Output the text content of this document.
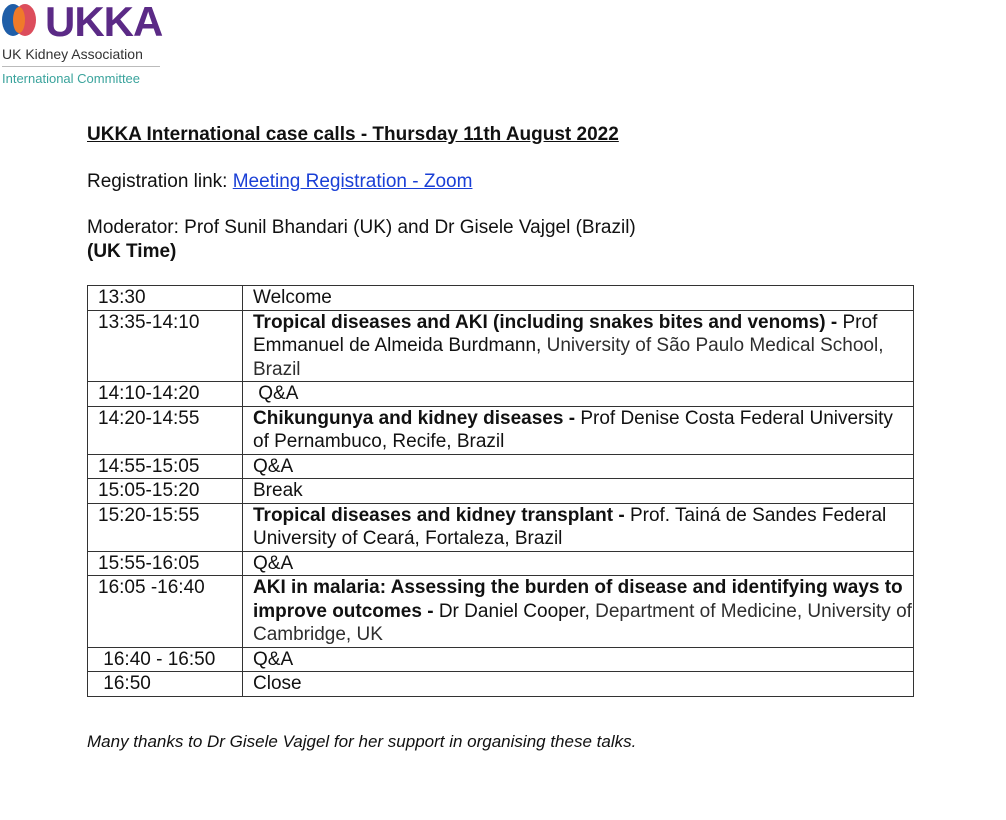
UKKA
UK Kidney Association
International Committee
UKKA International case calls - Thursday 11th August 2022
Registration link: Meeting Registration - Zoom
Moderator: Prof Sunil Bhandari (UK) and Dr Gisele Vajgel (Brazil)
(UK Time)
13:30	Welcome
13:35-14:10	Tropical diseases and AKI (including snakes bites and venoms) - Prof Emmanuel de Almeida Burdmann, University of São Paulo Medical School, Brazil
14:10-14:20	Q&A
14:20-14:55	Chikungunya and kidney diseases - Prof Denise Costa Federal University of Pernambuco, Recife, Brazil
14:55-15:05	Q&A
15:05-15:20	Break
15:20-15:55	Tropical diseases and kidney transplant - Prof. Tainá de Sandes Federal University of Ceará, Fortaleza, Brazil
15:55-16:05	Q&A
16:05 -16:40	AKI in malaria: Assessing the burden of disease and identifying ways to improve outcomes - Dr Daniel Cooper, Department of Medicine, University of Cambridge, UK
16:40 - 16:50	Q&A
16:50	Close
Many thanks to Dr Gisele Vajgel for her support in organising these talks.
